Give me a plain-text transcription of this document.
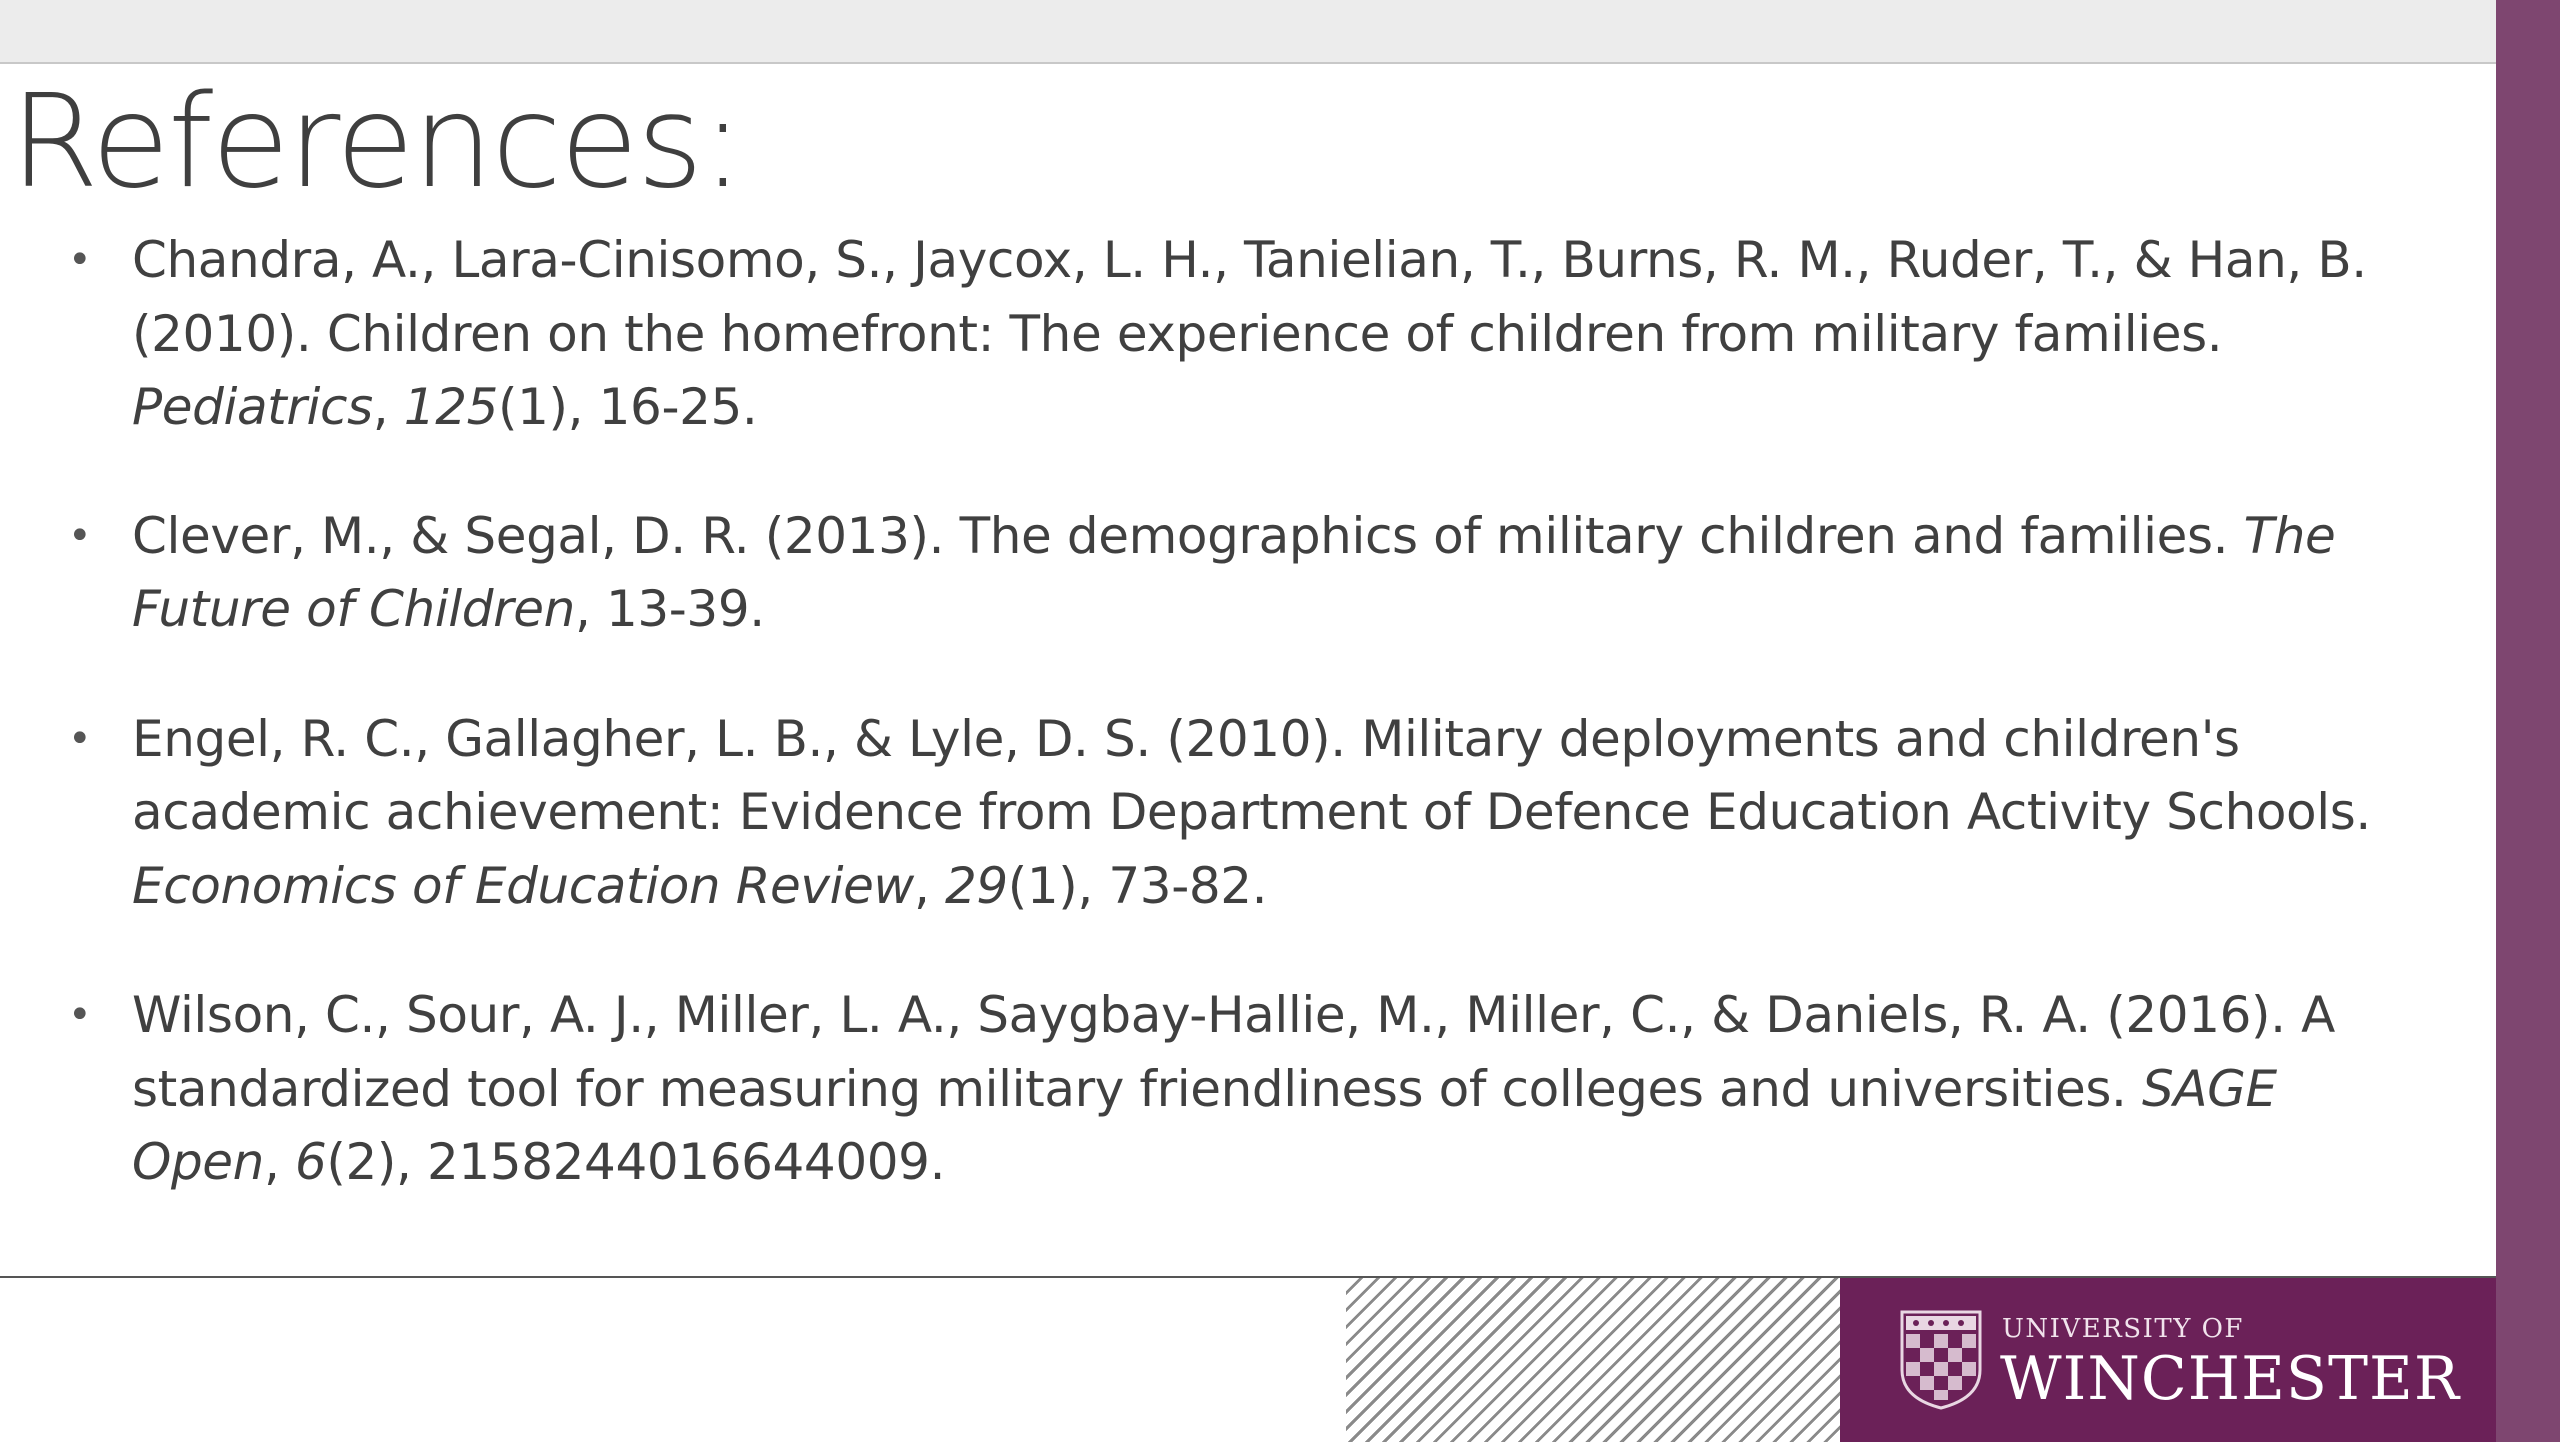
References:
• Chandra, A., Lara-Cinisomo, S., Jaycox, L. H., Tanielian, T., Burns, R. M., Ruder, T., & Han, B. (2010). Children on the homefront: The experience of children from military families. Pediatrics, 125(1), 16-25.
• Clever, M., & Segal, D. R. (2013). The demographics of military children and families. The Future of Children, 13-39.
• Engel, R. C., Gallagher, L. B., & Lyle, D. S. (2010). Military deployments and children's academic achievement: Evidence from Department of Defence Education Activity Schools. Economics of Education Review, 29(1), 73-82.
• Wilson, C., Sour, A. J., Miller, L. A., Saygbay-Hallie, M., Miller, C., & Daniels, R. A. (2016). A standardized tool for measuring military friendliness of colleges and universities. SAGE Open, 6(2), 2158244016644009.
UNIVERSITY OF
WINCHESTER
